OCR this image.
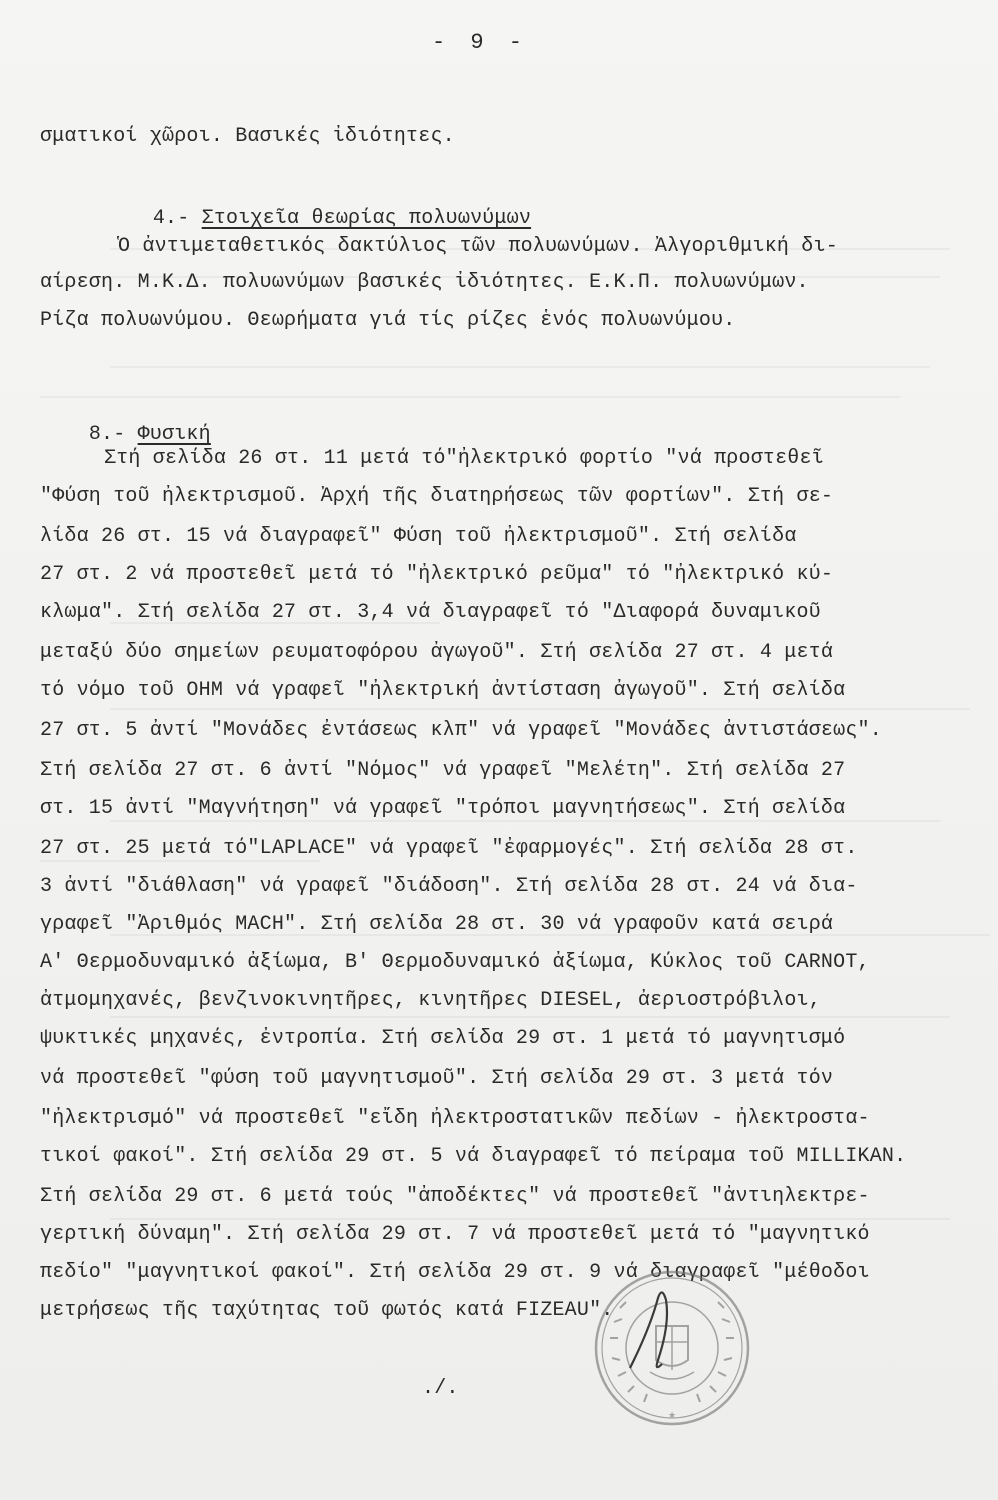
- 9 -
σματικοί χῶροι. Βασικές ἰδιότητες.

4.- Στοιχεῖα θεωρίας πολυωνύμων

Ὁ ἀντιμεταθετικός δακτύλιος τῶν πολυωνύμων. Ἀλγοριθμική δι-
αίρεση. Μ.Κ.Δ. πολυωνύμων βασικές ἰδιότητες. Ε.Κ.Π. πολυωνύμων.
Ρίζα πολυωνύμου. Θεωρήματα γιά τίς ρίζες ἑνός πολυωνύμου.

8.- Φυσική

Στή σελίδα 26 στ. 11 μετά τό"ἠλεκτρικό φορτίο "νά προστεθεῖ
"Φύση τοῦ ἠλεκτρισμοῦ. Ἀρχή τῆς διατηρήσεως τῶν φορτίων". Στή σε-
λίδα 26 στ. 15 νά διαγραφεῖ" Φύση τοῦ ἠλεκτρισμοῦ". Στή σελίδα
27 στ. 2 νά προστεθεῖ μετά τό "ἠλεκτρικό ρεῦμα" τό "ἠλεκτρικό κύ-
κλωμα". Στή σελίδα 27 στ. 3,4 νά διαγραφεῖ τό "Διαφορά δυναμικοῦ
μεταξύ δύο σημείων ρευματοφόρου ἀγωγοῦ". Στή σελίδα 27 στ. 4 μετά
τό νόμο τοῦ ΟΗΜ νά γραφεῖ "ἠλεκτρική ἀντίσταση ἀγωγοῦ". Στή σελίδα
27 στ. 5 ἀντί "Μονάδες ἐντάσεως κλπ" νά γραφεῖ "Μονάδες ἀντιστάσεως".
Στή σελίδα 27 στ. 6 ἀντί "Νόμος" νά γραφεῖ "Μελέτη". Στή σελίδα 27
στ. 15 ἀντί "Μαγνήτηση" νά γραφεῖ "τρόποι μαγνητήσεως". Στή σελίδα
27 στ. 25 μετά τό"LAPLACE" νά γραφεῖ "ἐφαρμογές". Στή σελίδα 28 στ.
3 ἀντί "διάθλαση" νά γραφεῖ "διάδοση". Στή σελίδα 28 στ. 24 νά δια-
γραφεῖ "Ἀριθμός MACH". Στή σελίδα 28 στ. 30 νά γραφοῦν κατά σειρά
Α' Θερμοδυναμικό ἀξίωμα, Β' Θερμοδυναμικό ἀξίωμα, Κύκλος τοῦ CARNOT,
ἀτμομηχανές, βενζινοκινητῆρες, κινητῆρες DIESEL, ἀεριοστρόβιλοι,
ψυκτικές μηχανές, ἐντροπία. Στή σελίδα 29 στ. 1 μετά τό μαγνητισμό
νά προστεθεῖ "φύση τοῦ μαγνητισμοῦ". Στή σελίδα 29 στ. 3 μετά τόν
"ἠλεκτρισμό" νά προστεθεῖ "εἴδη ἠλεκτροστατικῶν πεδίων - ἠλεκτροστα-
τικοί φακοί". Στή σελίδα 29 στ. 5 νά διαγραφεῖ τό πείραμα τοῦ MILLIKAN.
Στή σελίδα 29 στ. 6 μετά τούς "ἀποδέκτες" νά προστεθεῖ "ἀντιηλεκτρε-
γερτική δύναμη". Στή σελίδα 29 στ. 7 νά προστεθεῖ μετά τό "μαγνητικό
πεδίο" "μαγνητικοί φακοί". Στή σελίδα 29 στ. 9 νά διαγραφεῖ "μέθοδοι
μετρήσεως τῆς ταχύτητας τοῦ φωτός κατά FIZEAU".
./.
★
